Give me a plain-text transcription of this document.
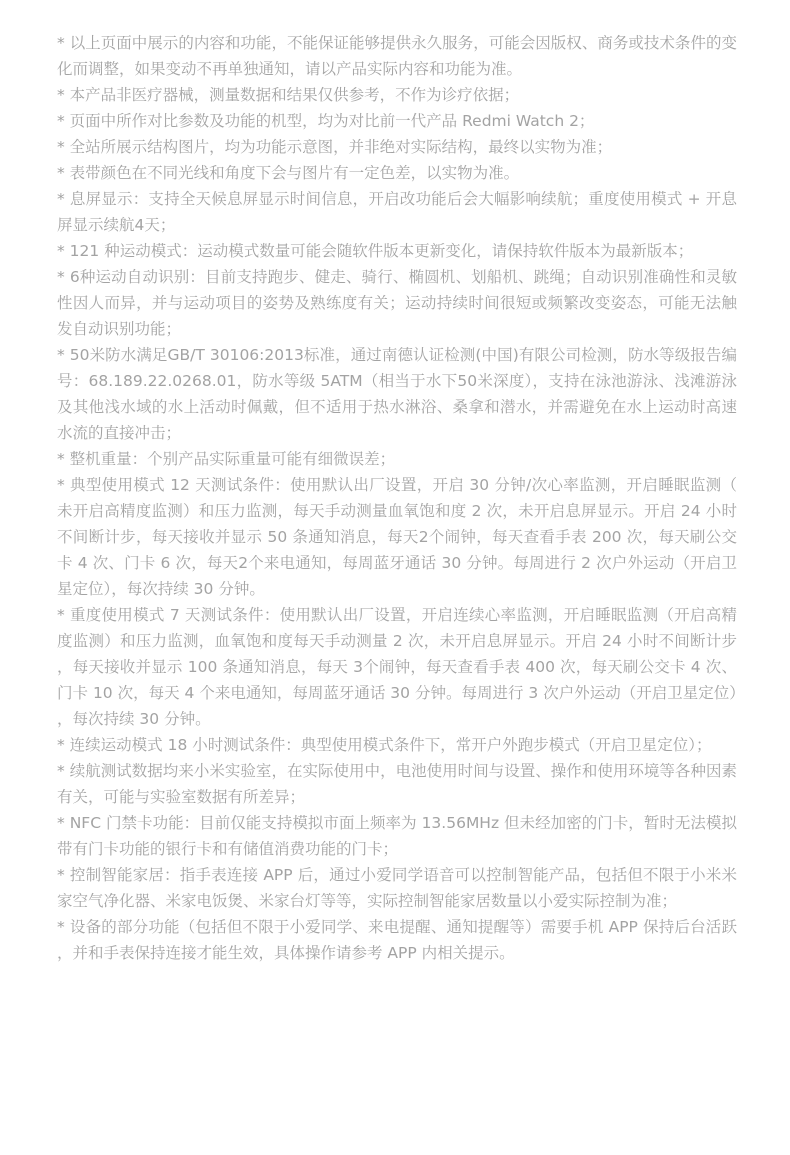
* 以上页面中展示的内容和功能，不能保证能够提供永久服务，可能会因版权、商务或技术条件的变化而调整，如果变动不再单独通知，请以产品实际内容和功能为准。

* 本产品非医疗器械，测量数据和结果仅供参考，不作为诊疗依据；

* 页面中所作对比参数及功能的机型，均为对比前一代产品 Redmi Watch 2；

* 全站所展示结构图片，均为功能示意图，并非绝对实际结构，最终以实物为准；

* 表带颜色在不同光线和角度下会与图片有一定色差，以实物为准。

* 息屏显示：支持全天候息屏显示时间信息，开启改功能后会大幅影响续航；重度使用模式 + 开息屏显示续航4天；

* 121 种运动模式：运动模式数量可能会随软件版本更新变化，请保持软件版本为最新版本；

* 6种运动自动识别：目前支持跑步、健走、骑行、椭圆机、划船机、跳绳；自动识别准确性和灵敏性因人而异，并与运动项目的姿势及熟练度有关；运动持续时间很短或频繁改变姿态，可能无法触发自动识别功能；

* 50米防水满足GB/T 30106:2013标准，通过南德认证检测(中国)有限公司检测，防水等级报告编号：68.189.22.0268.01，防水等级 5ATM（相当于水下50米深度），支持在泳池游泳、浅滩游泳及其他浅水域的水上活动时佩戴，但不适用于热水淋浴、桑拿和潜水，并需避免在水上运动时高速水流的直接冲击；

* 整机重量：个别产品实际重量可能有细微误差；

* 典型使用模式 12 天测试条件：使用默认出厂设置，开启 30 分钟/次心率监测，开启睡眠监测（未开启高精度监测）和压力监测，每天手动测量血氧饱和度 2 次，未开启息屏显示。开启 24 小时不间断计步，每天接收并显示 50 条通知消息，每天2个闹钟，每天查看手表 200 次，每天刷公交卡 4 次、门卡 6 次，每天2个来电通知，每周蓝牙通话 30 分钟。每周进行 2 次户外运动（开启卫星定位），每次持续 30 分钟。

* 重度使用模式 7 天测试条件：使用默认出厂设置，开启连续心率监测，开启睡眠监测（开启高精度监测）和压力监测，血氧饱和度每天手动测量 2 次，未开启息屏显示。开启 24 小时不间断计步，每天接收并显示 100 条通知消息，每天 3个闹钟，每天查看手表 400 次，每天刷公交卡 4 次、门卡 10 次，每天 4 个来电通知，每周蓝牙通话 30 分钟。每周进行 3 次户外运动（开启卫星定位），每次持续 30 分钟。

* 连续运动模式 18 小时测试条件：典型使用模式条件下，常开户外跑步模式（开启卫星定位）；

* 续航测试数据均来小米实验室，在实际使用中，电池使用时间与设置、操作和使用环境等各种因素有关，可能与实验室数据有所差异；

* NFC 门禁卡功能：目前仅能支持模拟市面上频率为 13.56MHz 但未经加密的门卡，暂时无法模拟带有门卡功能的银行卡和有储值消费功能的门卡；

* 控制智能家居：指手表连接 APP 后，通过小爱同学语音可以控制智能产品，包括但不限于小米米家空气净化器、米家电饭煲、米家台灯等等，实际控制智能家居数量以小爱实际控制为准；

* 设备的部分功能（包括但不限于小爱同学、来电提醒、通知提醒等）需要手机 APP 保持后台活跃，并和手表保持连接才能生效，具体操作请参考 APP 内相关提示。
